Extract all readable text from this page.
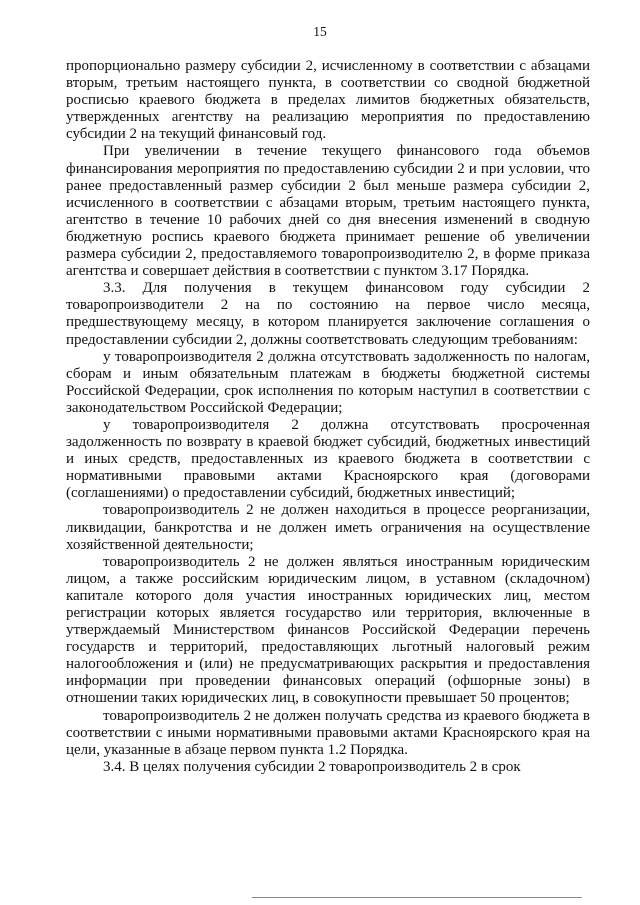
15

пропорционально размеру субсидии 2, исчисленному в соответствии с абзацами вторым, третьим настоящего пункта, в соответствии со сводной бюджетной росписью краевого бюджета в пределах лимитов бюджетных обязательств, утвержденных агентству на реализацию мероприятия по предоставлению субсидии 2 на текущий финансовый год.

При увеличении в течение текущего финансового года объемов финансирования мероприятия по предоставлению субсидии 2 и при условии, что ранее предоставленный размер субсидии 2 был меньше размера субсидии 2, исчисленного в соответствии с абзацами вторым, третьим настоящего пункта, агентство в течение 10 рабочих дней со дня внесения изменений в сводную бюджетную роспись краевого бюджета принимает решение об увеличении размера субсидии 2, предоставляемого товаропроизводителю 2, в форме приказа агентства и совершает действия в соответствии с пунктом 3.17 Порядка.

3.3. Для получения в текущем финансовом году субсидии 2 товаропроизводители 2 на по состоянию на первое число месяца, предшествующему месяцу, в котором планируется заключение соглашения о предоставлении субсидии 2, должны соответствовать следующим требованиям:

у товаропроизводителя 2 должна отсутствовать задолженность по налогам, сборам и иным обязательным платежам в бюджеты бюджетной системы Российской Федерации, срок исполнения по которым наступил в соответствии с законодательством Российской Федерации;

у товаропроизводителя 2 должна отсутствовать просроченная задолженность по возврату в краевой бюджет субсидий, бюджетных инвестиций и иных средств, предоставленных из краевого бюджета в соответствии с нормативными правовыми актами Красноярского края (договорами (соглашениями) о предоставлении субсидий, бюджетных инвестиций;

товаропроизводитель 2 не должен находиться в процессе реорганизации, ликвидации, банкротства и не должен иметь ограничения на осуществление хозяйственной деятельности;

товаропроизводитель 2 не должен являться иностранным юридическим лицом, а также российским юридическим лицом, в уставном (складочном) капитале которого доля участия иностранных юридических лиц, местом регистрации которых является государство или территория, включенные в утверждаемый Министерством финансов Российской Федерации перечень государств и территорий, предоставляющих льготный налоговый режим налогообложения и (или) не предусматривающих раскрытия и предоставления информации при проведении финансовых операций (офшорные зоны) в отношении таких юридических лиц, в совокупности превышает 50 процентов;

товаропроизводитель 2 не должен получать средства из краевого бюджета в соответствии с иными нормативными правовыми актами Красноярского края на цели, указанные в абзаце первом пункта 1.2 Порядка.

3.4. В целях получения субсидии 2 товаропроизводитель 2 в срок
